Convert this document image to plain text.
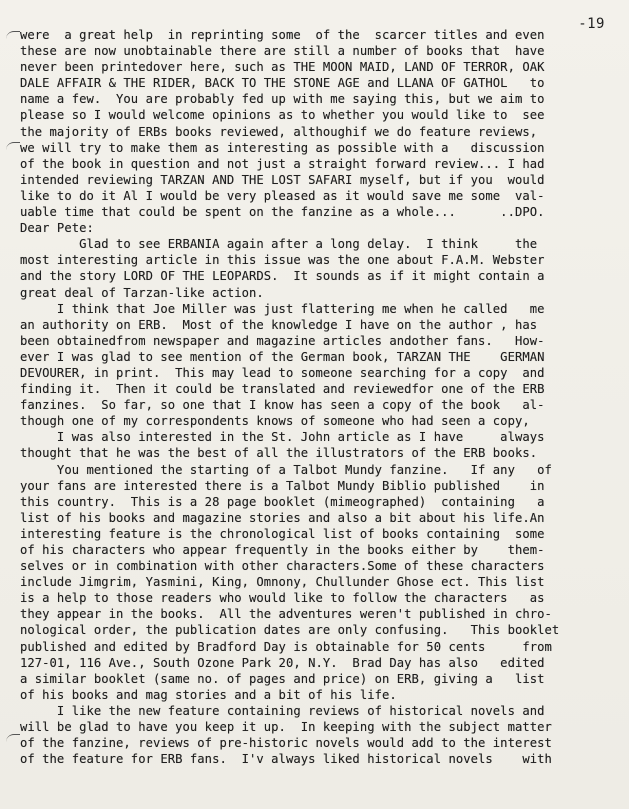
-19
were  a great help  in reprinting some  of the  scarcer titles and even
these are now unobtainable there are still a number of books that  have
never been printedover here, such as THE MOON MAID, LAND OF TERROR, OAK
DALE AFFAIR & THE RIDER, BACK TO THE STONE AGE and LLANA OF GATHOL   to
name a few.  You are probably fed up with me saying this, but we aim to
please so I would welcome opinions as to whether you would like to  see
the majority of ERBs books reviewed, althoughif we do feature reviews,
we will try to make them as interesting as possible with a   discussion
of the book in question and not just a straight forward review... I had
intended reviewing TARZAN AND THE LOST SAFARI myself, but if you  would
like to do it Al I would be very pleased as it would save me some  val-
uable time that could be spent on the fanzine as a whole...      ..DPO.
Dear Pete:
Glad to see ERBANIA again after a long delay.  I think     the
most interesting article in this issue was the one about F.A.M. Webster
and the story LORD OF THE LEOPARDS.  It sounds as if it might contain a
great deal of Tarzan-like action.
I think that Joe Miller was just flattering me when he called   me
an authority on ERB.  Most of the knowledge I have on the author , has
been obtainedfrom newspaper and magazine articles andother fans.   How-
ever I was glad to see mention of the German book, TARZAN THE    GERMAN
DEVOURER, in print.  This may lead to someone searching for a copy  and
finding it.  Then it could be translated and reviewedfor one of the ERB
fanzines.  So far, so one that I know has seen a copy of the book   al-
though one of my correspondents knows of someone who had seen a copy,
I was also interested in the St. John article as I have     always
thought that he was the best of all the illustrators of the ERB books.
You mentioned the starting of a Talbot Mundy fanzine.   If any   of
your fans are interested there is a Talbot Mundy Biblio published    in
this country.  This is a 28 page booklet (mimeographed)  containing   a
list of his books and magazine stories and also a bit about his life.An
interesting feature is the chronological list of books containing  some
of his characters who appear frequently in the books either by    them-
selves or in combination with other characters.Some of these characters
include Jimgrim, Yasmini, King, Omnony, Chullunder Ghose ect. This list
is a help to those readers who would like to follow the characters   as
they appear in the books.  All the adventures weren't published in chro-
nological order, the publication dates are only confusing.   This booklet
published and edited by Bradford Day is obtainable for 50 cents     from
127-01, 116 Ave., South Ozone Park 20, N.Y.  Brad Day has also   edited
a similar booklet (same no. of pages and price) on ERB, giving a   list
of his books and mag stories and a bit of his life.
I like the new feature containing reviews of historical novels and
will be glad to have you keep it up.  In keeping with the subject matter
of the fanzine, reviews of pre-historic novels would add to the interest
of the feature for ERB fans.  I'v always liked historical novels    with
